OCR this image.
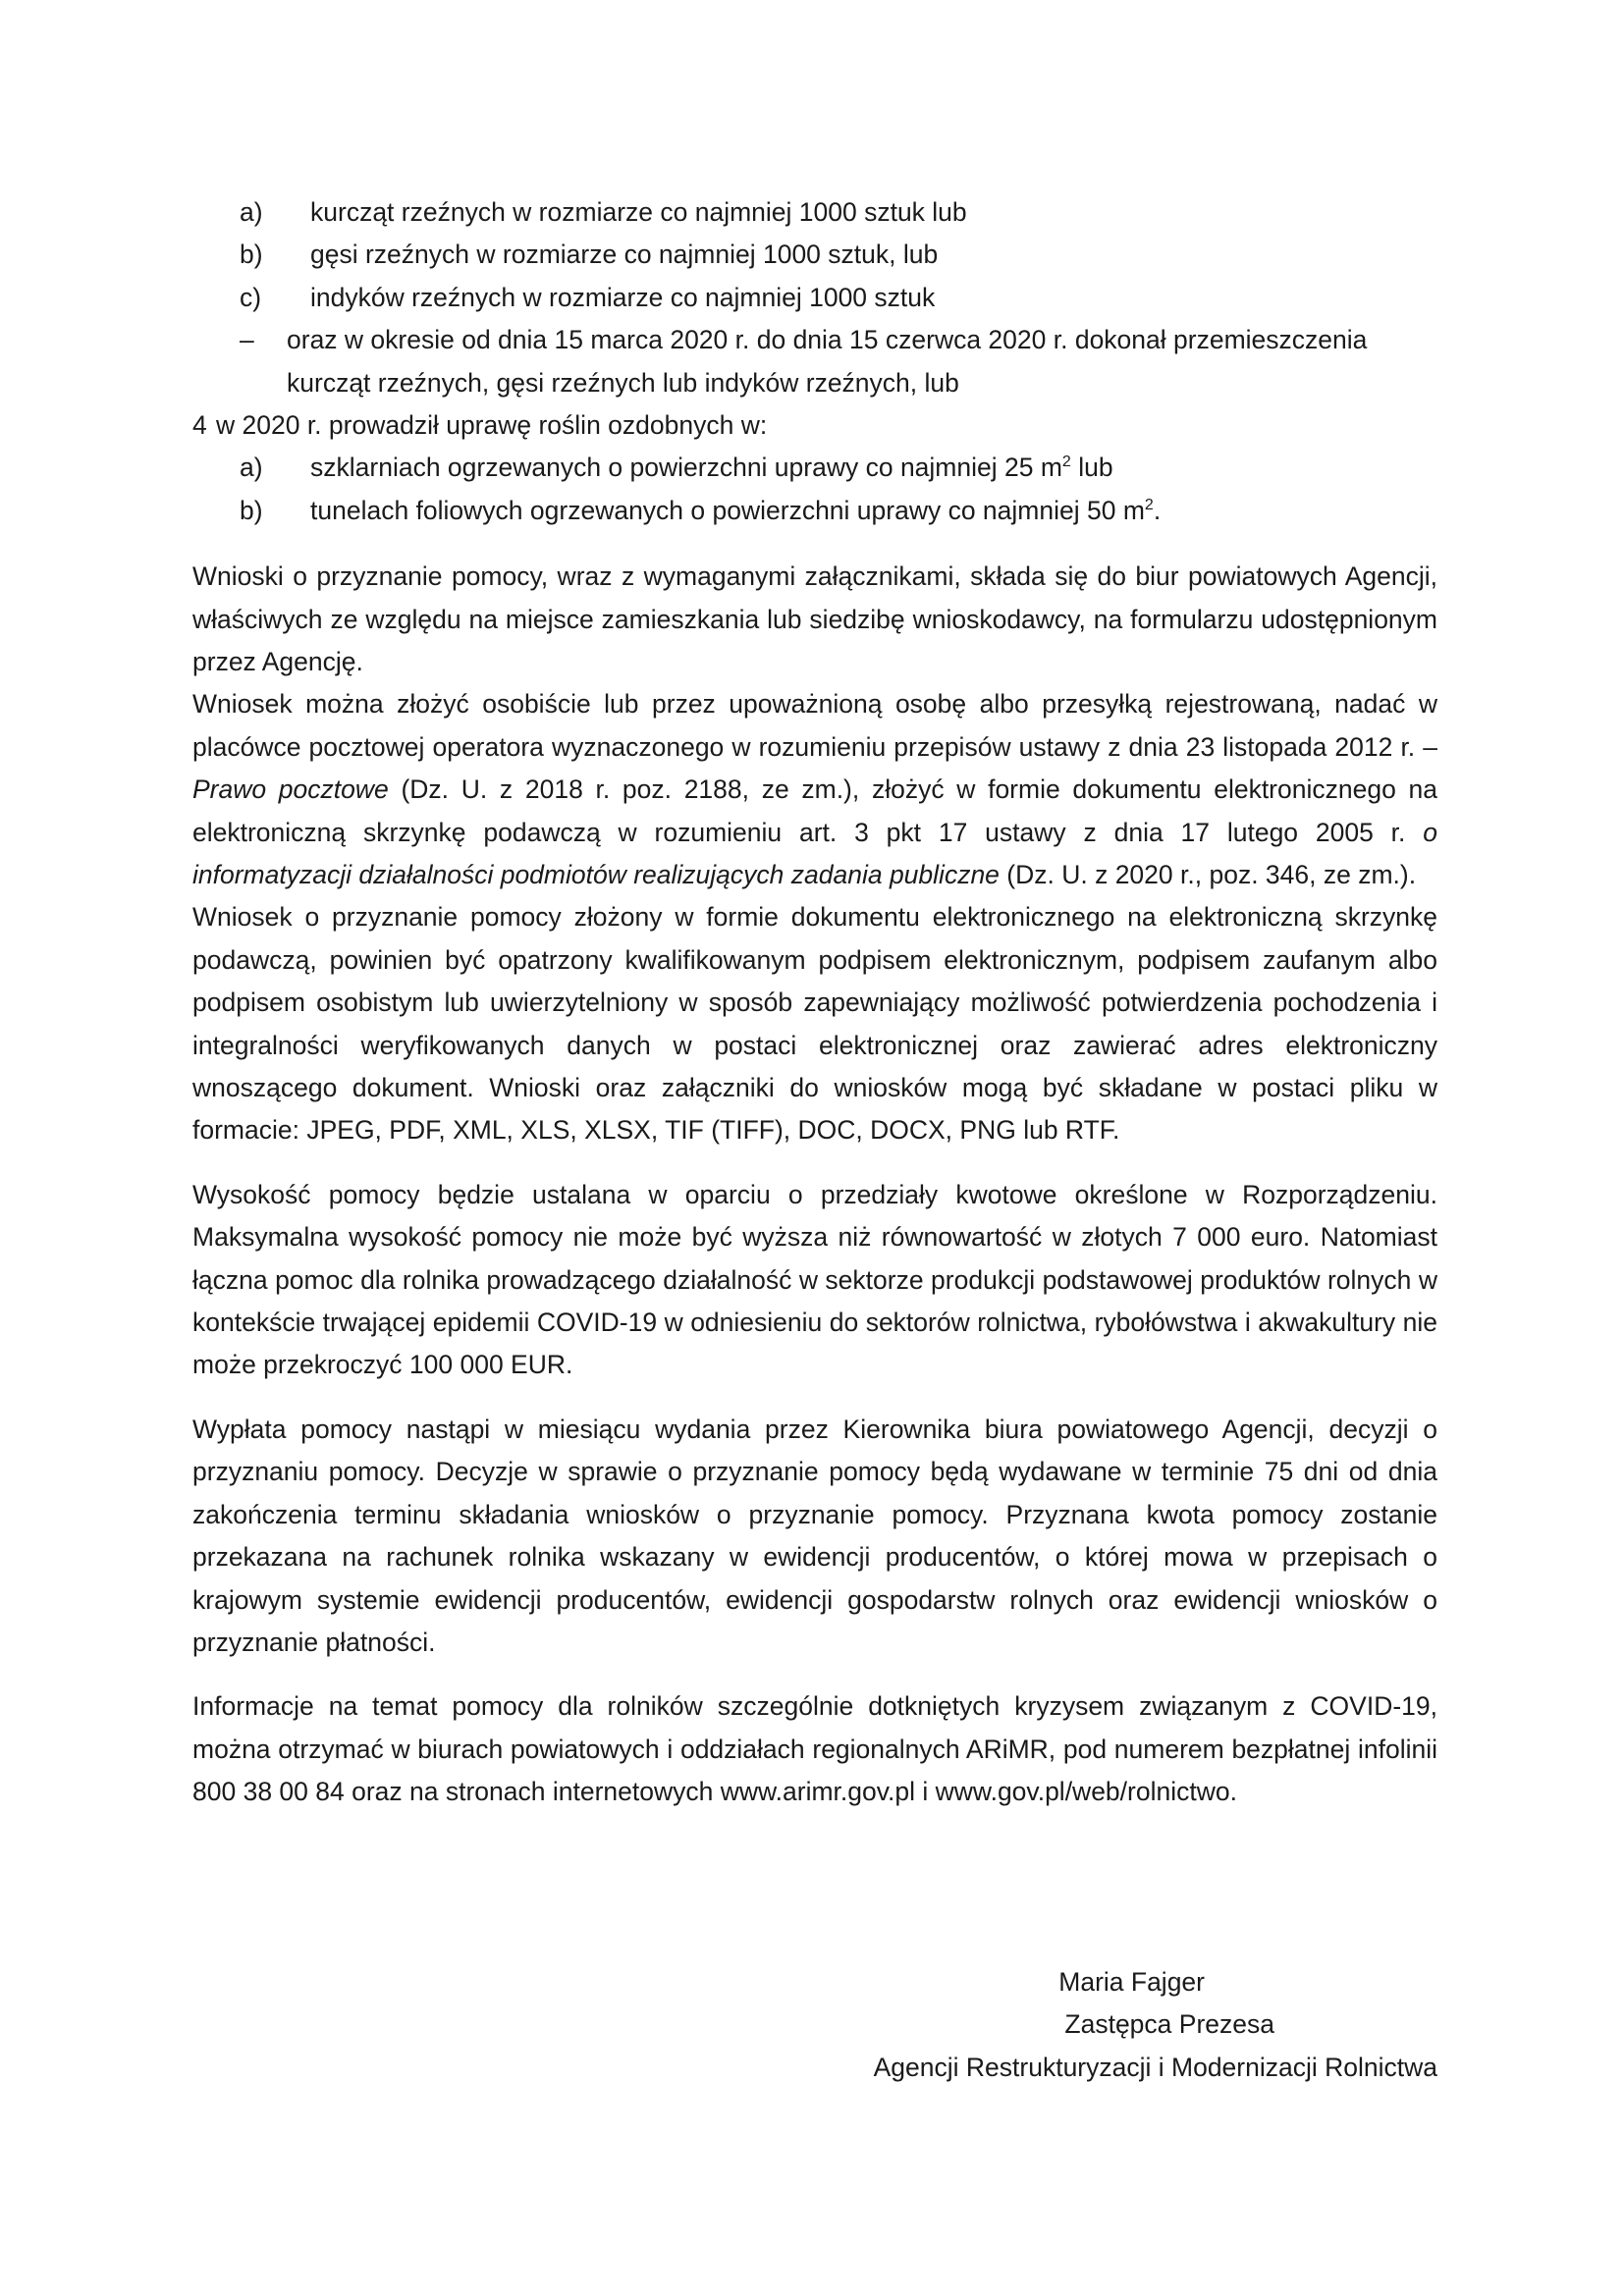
a) kurcząt rzeźnych w rozmiarze co najmniej 1000 sztuk lub
b) gęsi rzeźnych w rozmiarze co najmniej 1000 sztuk, lub
c) indyków rzeźnych w rozmiarze co najmniej 1000 sztuk
– oraz w okresie od dnia 15 marca 2020 r. do dnia 15 czerwca 2020 r. dokonał przemieszczenia
kurcząt rzeźnych, gęsi rzeźnych lub indyków rzeźnych, lub
4 w 2020 r. prowadził uprawę roślin ozdobnych w:
a) szklarniach ogrzewanych o powierzchni uprawy co najmniej 25 $m^2$ lub
b) tunelach foliowych ogrzewanych o powierzchni uprawy co najmniej 50 $m^2$.

Wnioski o przyznanie pomocy, wraz z wymaganymi załącznikami, składa się do biur powiatowych Agencji, właściwych ze względu na miejsce zamieszkania lub siedzibę wnioskodawcy, na formularzu udostępnionym przez Agencję.

Wniosek można złożyć osobiście lub przez upoważnioną osobę albo przesyłką rejestrowaną, nadać w placówce pocztowej operatora wyznaczonego w rozumieniu przepisów ustawy z dnia 23 listopada 2012 r. – Prawo pocztowe (Dz. U. z 2018 r. poz. 2188, ze zm.), złożyć w formie dokumentu elektronicznego na elektroniczną skrzynkę podawczą w rozumieniu art. 3 pkt 17 ustawy z dnia 17 lutego 2005 r. o informatyzacji działalności podmiotów realizujących zadania publiczne (Dz. U. z 2020 r., poz. 346, ze zm.).

Wniosek o przyznanie pomocy złożony w formie dokumentu elektronicznego na elektroniczną skrzynkę podawczą, powinien być opatrzony kwalifikowanym podpisem elektronicznym, podpisem zaufanym albo podpisem osobistym lub uwierzytelniony w sposób zapewniający możliwość potwierdzenia pochodzenia i integralności weryfikowanych danych w postaci elektronicznej oraz zawierać adres elektroniczny wnoszącego dokument. Wnioski oraz załączniki do wniosków mogą być składane w postaci pliku w formacie: JPEG, PDF, XML, XLS, XLSX, TIF (TIFF), DOC, DOCX, PNG lub RTF.

Wysokość pomocy będzie ustalana w oparciu o przedziały kwotowe określone w Rozporządzeniu. Maksymalna wysokość pomocy nie może być wyższa niż równowartość w złotych 7 000 euro. Natomiast łączna pomoc dla rolnika prowadzącego działalność w sektorze produkcji podstawowej produktów rolnych w kontekście trwającej epidemii COVID-19 w odniesieniu do sektorów rolnictwa, rybołówstwa i akwakultury nie może przekroczyć 100 000 EUR.

Wypłata pomocy nastąpi w miesiącu wydania przez Kierownika biura powiatowego Agencji, decyzji o przyznaniu pomocy. Decyzje w sprawie o przyznanie pomocy będą wydawane w terminie 75 dni od dnia zakończenia terminu składania wniosków o przyznanie pomocy. Przyznana kwota pomocy zostanie przekazana na rachunek rolnika wskazany w ewidencji producentów, o której mowa w przepisach o krajowym systemie ewidencji producentów, ewidencji gospodarstw rolnych oraz ewidencji wniosków o przyznanie płatności.

Informacje na temat pomocy dla rolników szczególnie dotkniętych kryzysem związanym z COVID-19, można otrzymać w biurach powiatowych i oddziałach regionalnych ARiMR, pod numerem bezpłatnej infolinii 800 38 00 84 oraz na stronach internetowych www.arimr.gov.pl i www.gov.pl/web/rolnictwo.

Maria Fajger
Zastępca Prezesa
Agencji Restrukturyzacji i Modernizacji Rolnictwa
